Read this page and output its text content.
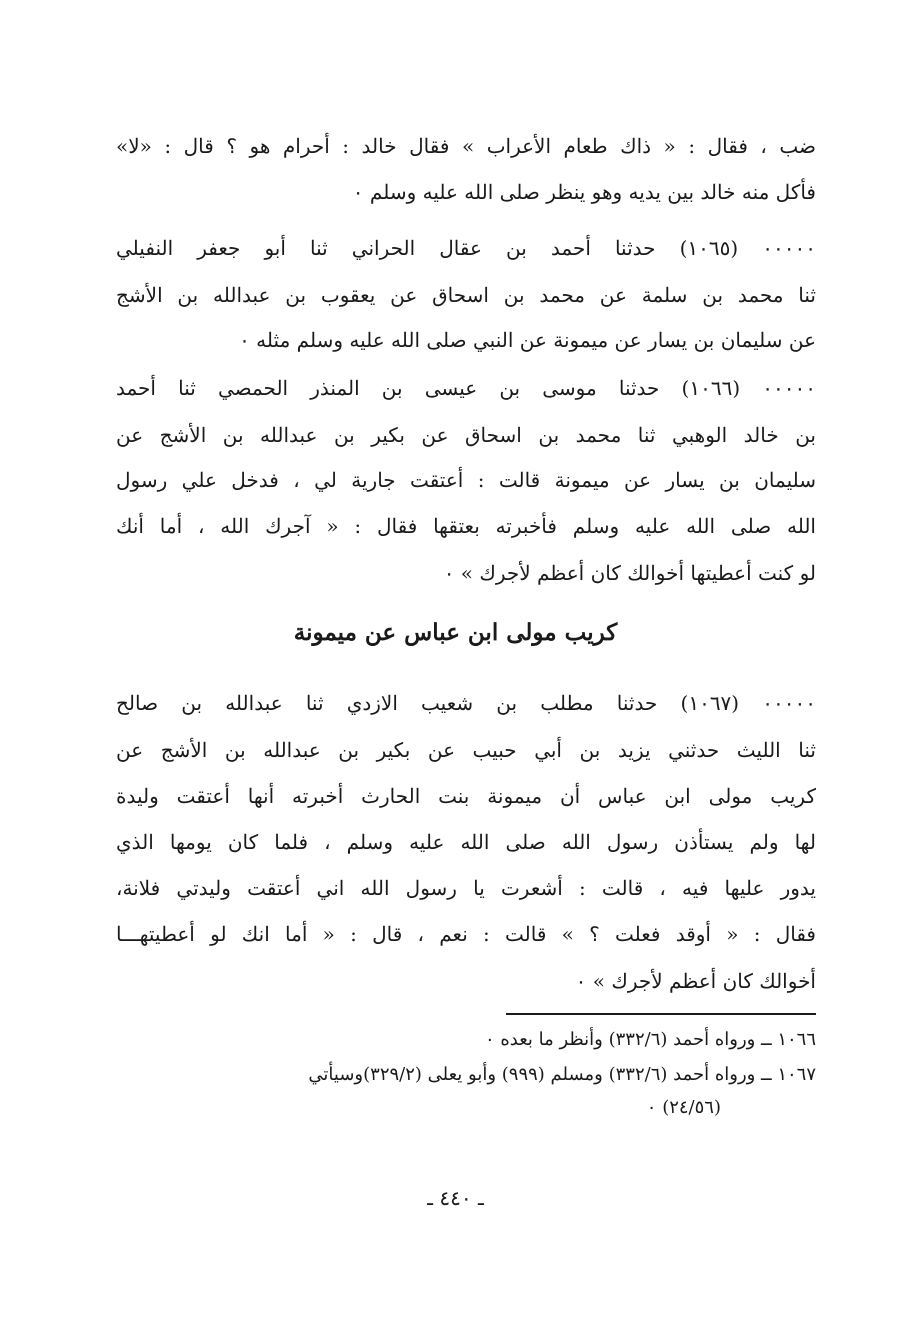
ضب ، فقال : « ذاك طعام الأعراب » فقال خالد : أحرام هو ؟ قال : «لا»
فأكل منه خالد بين يديه وهو ينظر صلى الله عليه وسلم ٠
٠٠٠٠٠ (١٠٦٥) حدثنا أحمد بن عقال الحراني ثنا أبو جعفر النفيلي
ثنا محمد بن سلمة عن محمد بن اسحاق عن يعقوب بن عبدالله بن الأشج
عن سليمان بن يسار عن ميمونة عن النبي صلى الله عليه وسلم مثله ٠
٠٠٠٠٠ (١٠٦٦) حدثنا موسى بن عيسى بن المنذر الحمصي ثنا أحمد
بن خالد الوهبي ثنا محمد بن اسحاق عن بكير بن عبدالله بن الأشج عن
سليمان بن يسار عن ميمونة قالت : أعتقت جارية لي ، فدخل علي رسول
الله صلى الله عليه وسلم فأخبرته بعتقها فقال : « آجرك الله ، أما أنك
لو كنت أعطيتها أخوالك كان أعظم لأجرك » ٠
كريب مولى ابن عباس عن ميمونة
٠٠٠٠٠ (١٠٦٧) حدثنا مطلب بن شعيب الازدي ثنا عبدالله بن صالح
ثنا الليث حدثني يزيد بن أبي حبيب عن بكير بن عبدالله بن الأشج عن
كريب مولى ابن عباس أن ميمونة بنت الحارث أخبرته أنها أعتقت وليدة
لها ولم يستأذن رسول الله صلى الله عليه وسلم ، فلما كان يومها الذي
يدور عليها فيه ، قالت : أشعرت يا رسول الله اني أعتقت وليدتي فلانة،
فقال : « أوقد فعلت ؟ » قالت : نعم ، قال : « أما انك لو أعطيتهـــا
أخوالك كان أعظم لأجرك » ٠
١٠٦٦ ــ ورواه أحمد (٣٣٢/٦) وأنظر ما بعده ٠
١٠٦٧ ــ ورواه أحمد (٣٣٢/٦) ومسلم (٩٩٩) وأبو يعلى (٣٢٩/٢)وسيأتي
(٢٤/٥٦) ٠
ـ ٤٤٠ ـ
